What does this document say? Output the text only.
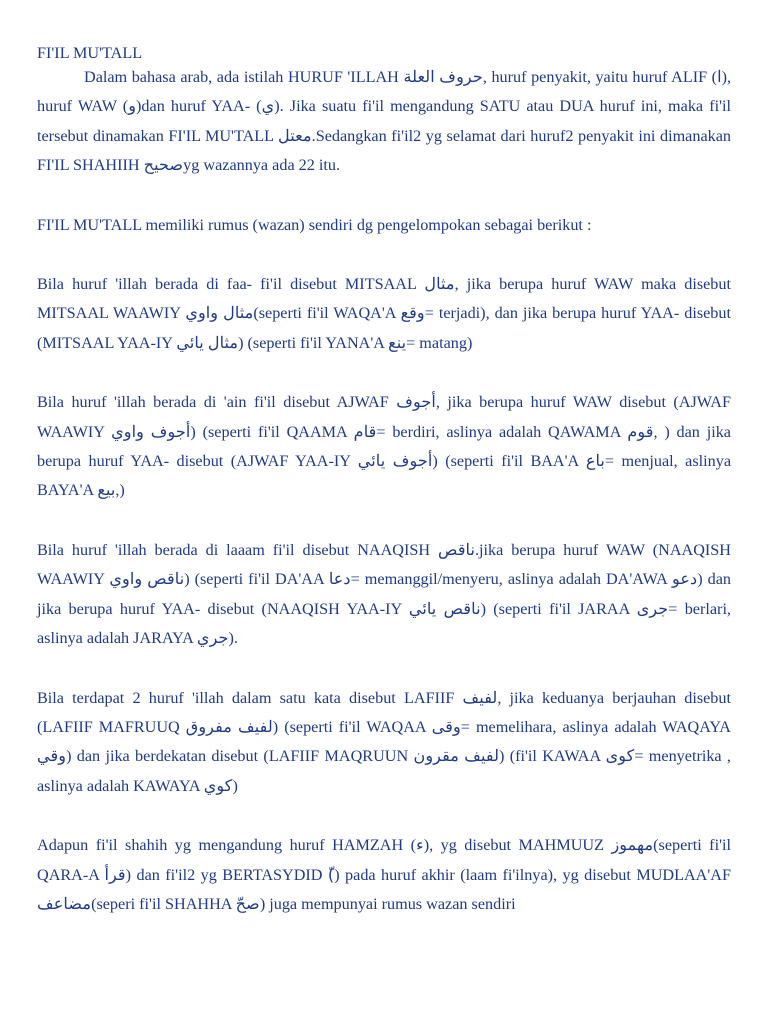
FI'IL MU'TALL

Dalam bahasa arab, ada istilah HURUF 'ILLAH حروف العلة, huruf penyakit, yaitu huruf ALIF (ا), huruf WAW (و)dan huruf YAA- (ي). Jika suatu fi'il mengandung SATU atau DUA huruf ini, maka fi'il tersebut dinamakan FI'IL MU'TALL معتل.Sedangkan fi'il2 yg selamat dari huruf2 penyakit ini dimanakan FI'IL SHAHIIH صحيحyg wazannya ada 22 itu.

FI'IL MU'TALL memiliki rumus (wazan) sendiri dg pengelompokan sebagai berikut :

Bila huruf 'illah berada di faa- fi'il disebut MITSAAL مثال, jika berupa huruf WAW maka disebut MITSAAL WAAWIY مثال واوي(seperti fi'il WAQA'A وقع= terjadi), dan jika berupa huruf YAA- disebut (MITSAAL YAA-IY مثال يائي) (seperti fi'il YANA'A ينع= matang)

Bila huruf 'illah berada di 'ain fi'il disebut AJWAF أجوف, jika berupa huruf WAW disebut (AJWAF WAAWIY أجوف واوي) (seperti fi'il QAAMA قام= berdiri, aslinya adalah QAWAMA قوم, ) dan jika berupa huruf YAA- disebut (AJWAF YAA-IY أجوف يائي) (seperti fi'il BAA'A باع= menjual, aslinya BAYA'A بيع,)

Bila huruf 'illah berada di laaam fi'il disebut NAAQISH ناقص.jika berupa huruf WAW (NAAQISH WAAWIY ناقص واوي) (seperti fi'il DA'AA دعا= memanggil/menyeru, aslinya adalah DA'AWA دعو) dan jika berupa huruf YAA- disebut (NAAQISH YAA-IY ناقص يائي) (seperti fi'il JARAA جرى= berlari, aslinya adalah JARAYA جري).

Bila terdapat 2 huruf 'illah dalam satu kata disebut LAFIIF لفيف, jika keduanya berjauhan disebut (LAFIIF MAFRUUQ لفيف مفروق) (seperti fi'il WAQAA وقى= memelihara, aslinya adalah WAQAYA وقي) dan jika berdekatan disebut (LAFIIF MAQRUUN لفيف مقرون) (fi'il KAWAA كوى= menyetrika , aslinya adalah KAWAYA كوي)

Adapun fi'il shahih yg mengandung huruf HAMZAH (ء), yg disebut MAHMUUZ مهموز(seperti fi'il QARA-A قرأ) dan fi'il2 yg BERTASYDID (ّ) pada huruf akhir (laam fi'ilnya), yg disebut MUDLAA'AF مضاعف(seperi fi'il SHAHHA صحّ) juga mempunyai rumus wazan sendiri
